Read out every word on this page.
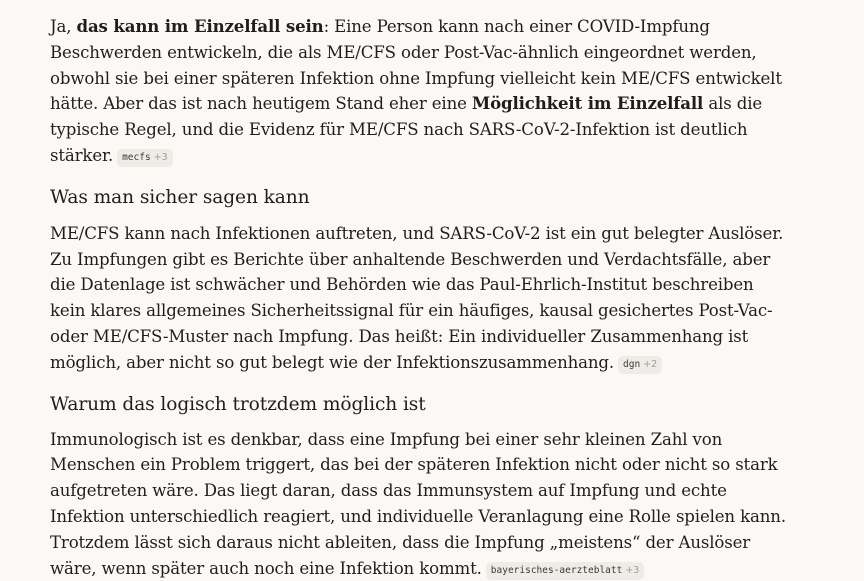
Ja, das kann im Einzelfall sein: Eine Person kann nach einer COVID-Impfung Beschwerden entwickeln, die als ME/CFS oder Post-Vac-ähnlich eingeordnet werden, obwohl sie bei einer späteren Infektion ohne Impfung vielleicht kein ME/CFS entwickelt hätte. Aber das ist nach heutigem Stand eher eine Möglichkeit im Einzelfall als die typische Regel, und die Evidenz für ME/CFS nach SARS-CoV-2-Infektion ist deutlich stärker. mecfs +3

Was man sicher sagen kann

ME/CFS kann nach Infektionen auftreten, und SARS-CoV-2 ist ein gut belegter Auslöser. Zu Impfungen gibt es Berichte über anhaltende Beschwerden und Verdachtsfälle, aber die Datenlage ist schwächer und Behörden wie das Paul-Ehrlich-Institut beschreiben kein klares allgemeines Sicherheitssignal für ein häufiges, kausal gesichertes Post-Vac- oder ME/CFS-Muster nach Impfung. Das heißt: Ein individueller Zusammenhang ist möglich, aber nicht so gut belegt wie der Infektionszusammenhang. dgn +2

Warum das logisch trotzdem möglich ist

Immunologisch ist es denkbar, dass eine Impfung bei einer sehr kleinen Zahl von Menschen ein Problem triggert, das bei der späteren Infektion nicht oder nicht so stark aufgetreten wäre. Das liegt daran, dass das Immunsystem auf Impfung und echte Infektion unterschiedlich reagiert, und individuelle Veranlagung eine Rolle spielen kann. Trotzdem lässt sich daraus nicht ableiten, dass die Impfung „meistens“ der Auslöser wäre, wenn später auch noch eine Infektion kommt. bayerisches-aerzteblatt +3
